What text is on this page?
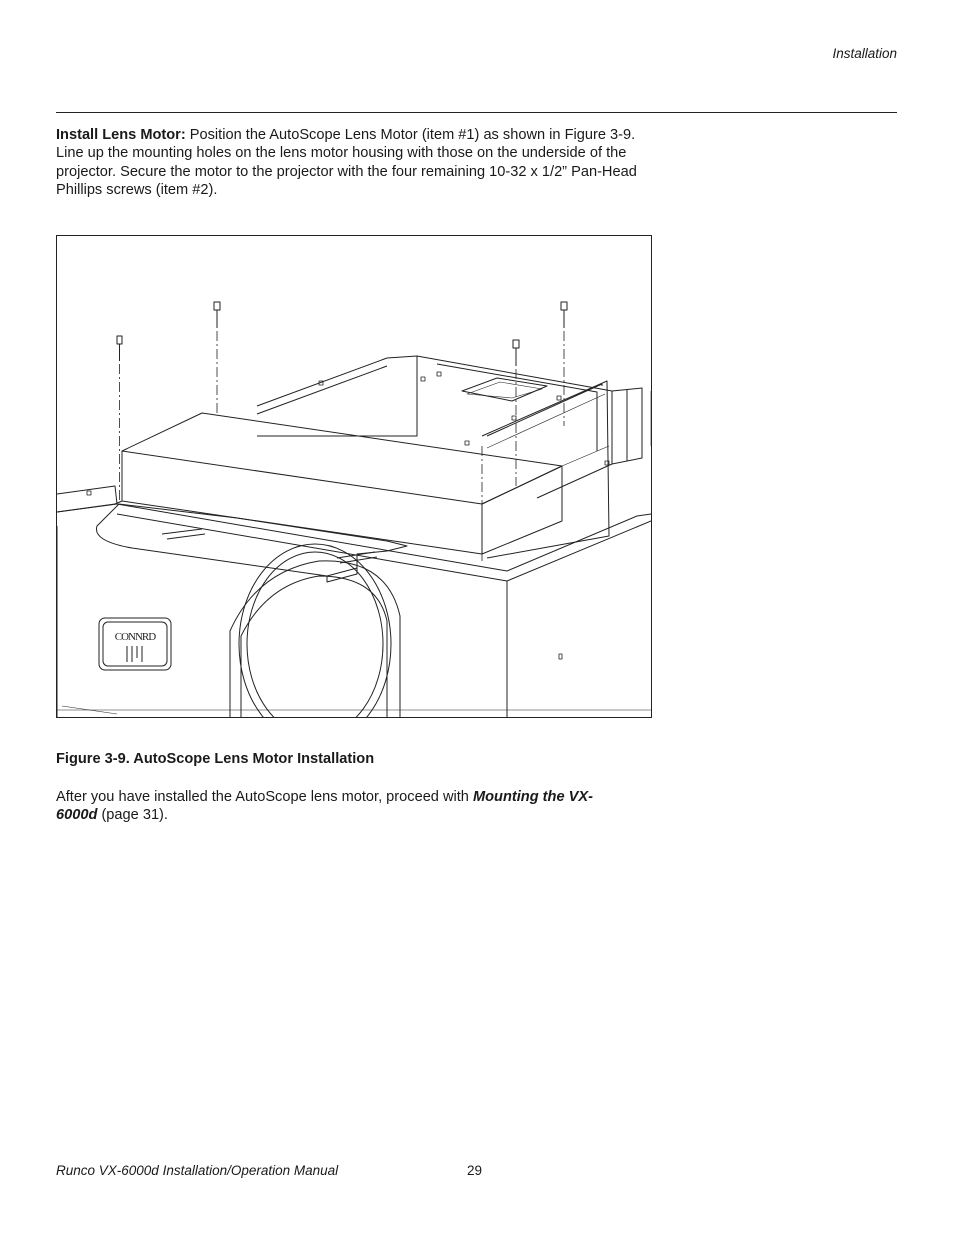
Installation

Install Lens Motor: Position the AutoScope Lens Motor (item #1) as shown in Figure 3-9. Line up the mounting holes on the lens motor housing with those on the underside of the projector. Secure the motor to the projector with the four remaining 10-32 x 1/2” Pan-Head Phillips screws (item #2).

CONNRD
Figure 3-9. AutoScope Lens Motor Installation

After you have installed the AutoScope lens motor, proceed with Mounting the VX-6000d (page 31).

Runco VX-6000d Installation/Operation Manual	29
